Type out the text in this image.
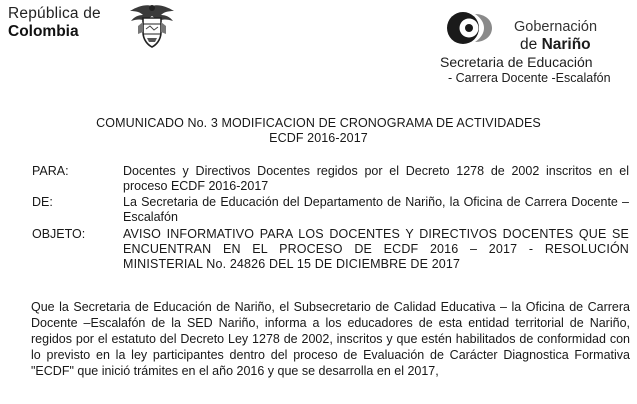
República de
Colombia	Gobernación
de Nariño
Secretaria de Educación
- Carrera Docente -Escalafón
COMUNICADO No. 3 MODIFICACION DE CRONOGRAMA DE ACTIVIDADES
ECDF 2016-2017
PARA:	Docentes y Directivos Docentes regidos por el Decreto 1278 de 2002 inscritos en el proceso ECDF 2016-2017
DE:	La Secretaria de Educación del Departamento de Nariño, la Oficina de Carrera Docente – Escalafón
OBJETO:	AVISO INFORMATIVO PARA LOS DOCENTES Y DIRECTIVOS DOCENTES QUE SE ENCUENTRAN EN EL PROCESO DE ECDF 2016 – 2017 - RESOLUCIÓN MINISTERIAL No. 24826 DEL 15 DE DICIEMBRE DE 2017
Que la Secretaria de Educación de Nariño, el Subsecretario de Calidad Educativa – la Oficina de Carrera Docente –Escalafón de la SED Nariño, informa a los educadores de esta entidad territorial de Nariño, regidos por el estatuto del Decreto Ley 1278 de 2002, inscritos y que estén habilitados de conformidad con lo previsto en la ley participantes dentro del proceso de Evaluación de Carácter Diagnostica Formativa "ECDF" que inició trámites en el año 2016 y que se desarrolla en el 2017,
